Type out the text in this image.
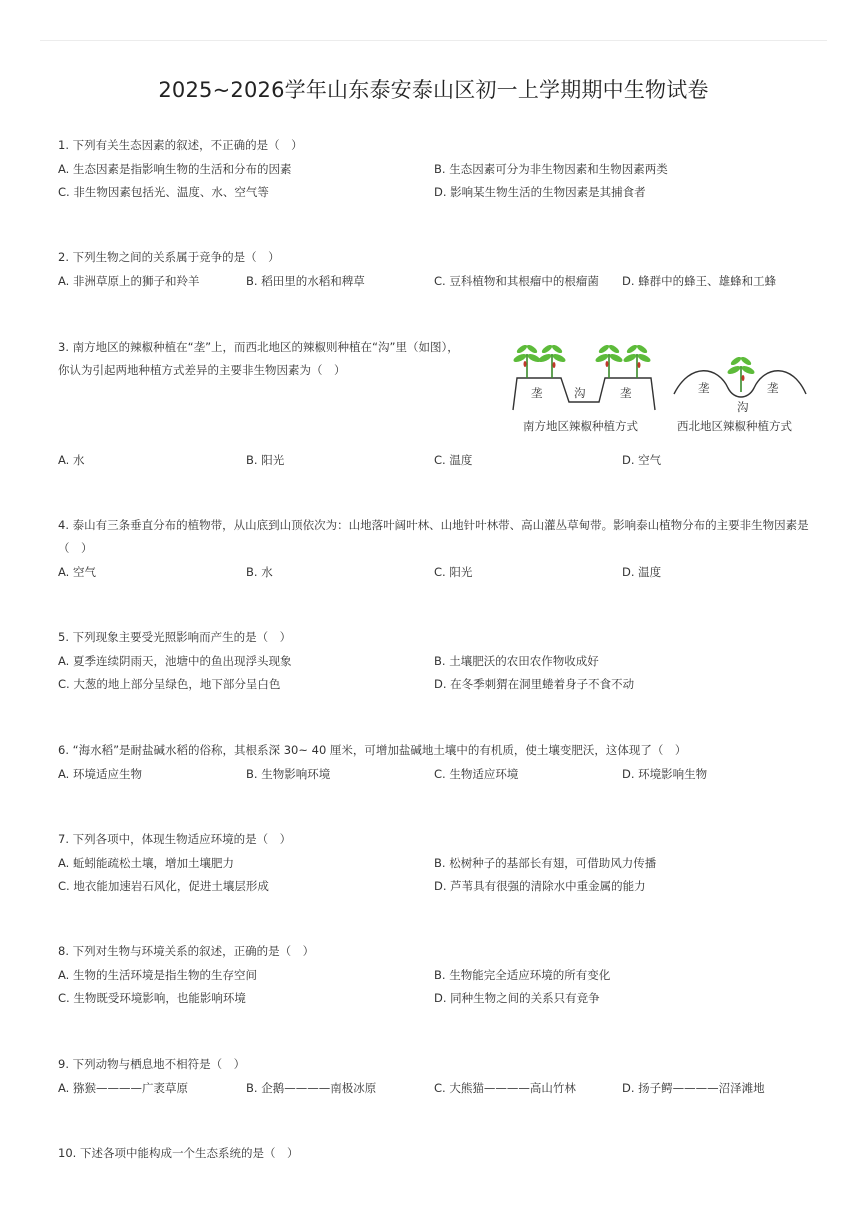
2025~2026学年山东泰安泰山区初一上学期期中生物试卷
1. 下列有关生态因素的叙述，不正确的是（　）
A. 生态因素是指影响生物的生活和分布的因素	B. 生态因素可分为非生物因素和生物因素两类
C. 非生物因素包括光、温度、水、空气等	D. 影响某生物生活的生物因素是其捕食者
2. 下列生物之间的关系属于竞争的是（　）
A. 非洲草原上的狮子和羚羊	B. 稻田里的水稻和稗草	C. 豆科植物和其根瘤中的根瘤菌 D. 蜂群中的蜂王、雄蜂和工蜂
3. 南方地区的辣椒种植在“垄”上，而西北地区的辣椒则种植在“沟”里（如图），
你认为引起两地种植方式差异的主要非生物因素为（　）
垄	沟	垄
南方地区辣椒种植方式
垄	垄
沟
西北地区辣椒种植方式
A. 水	B. 阳光	C. 温度	D. 空气
4. 泰山有三条垂直分布的植物带，从山底到山顶依次为：山地落叶阔叶林、山地针叶林带、高山灌丛草甸带。影响泰山植物分布的主要非生物因素是
（　）
A. 空气	B. 水	C. 阳光	D. 温度
5. 下列现象主要受光照影响而产生的是（　）
A. 夏季连续阴雨天，池塘中的鱼出现浮头现象	B. 土壤肥沃的农田农作物收成好
C. 大葱的地上部分呈绿色，地下部分呈白色	D. 在冬季刺猬在洞里蜷着身子不食不动
6. “海水稻”是耐盐碱水稻的俗称，其根系深 30~ 40 厘米，可增加盐碱地土壤中的有机质，使土壤变肥沃，这体现了（　）
A. 环境适应生物	B. 生物影响环境	C. 生物适应环境	D. 环境影响生物
7. 下列各项中，体现生物适应环境的是（　）
A. 蚯蚓能疏松土壤，增加土壤肥力	B. 松树种子的基部长有翅，可借助风力传播
C. 地衣能加速岩石风化，促进土壤层形成	D. 芦苇具有很强的清除水中重金属的能力
8. 下列对生物与环境关系的叙述，正确的是（　）
A. 生物的生活环境是指生物的生存空间	B. 生物能完全适应环境的所有变化
C. 生物既受环境影响，也能影响环境	D. 同种生物之间的关系只有竞争
9. 下列动物与栖息地不相符是（　）
A. 猕猴————广袤草原	B. 企鹅————南极冰原	C. 大熊猫————高山竹林	D. 扬子鳄————沼泽滩地
10. 下述各项中能构成一个生态系统的是（　）
